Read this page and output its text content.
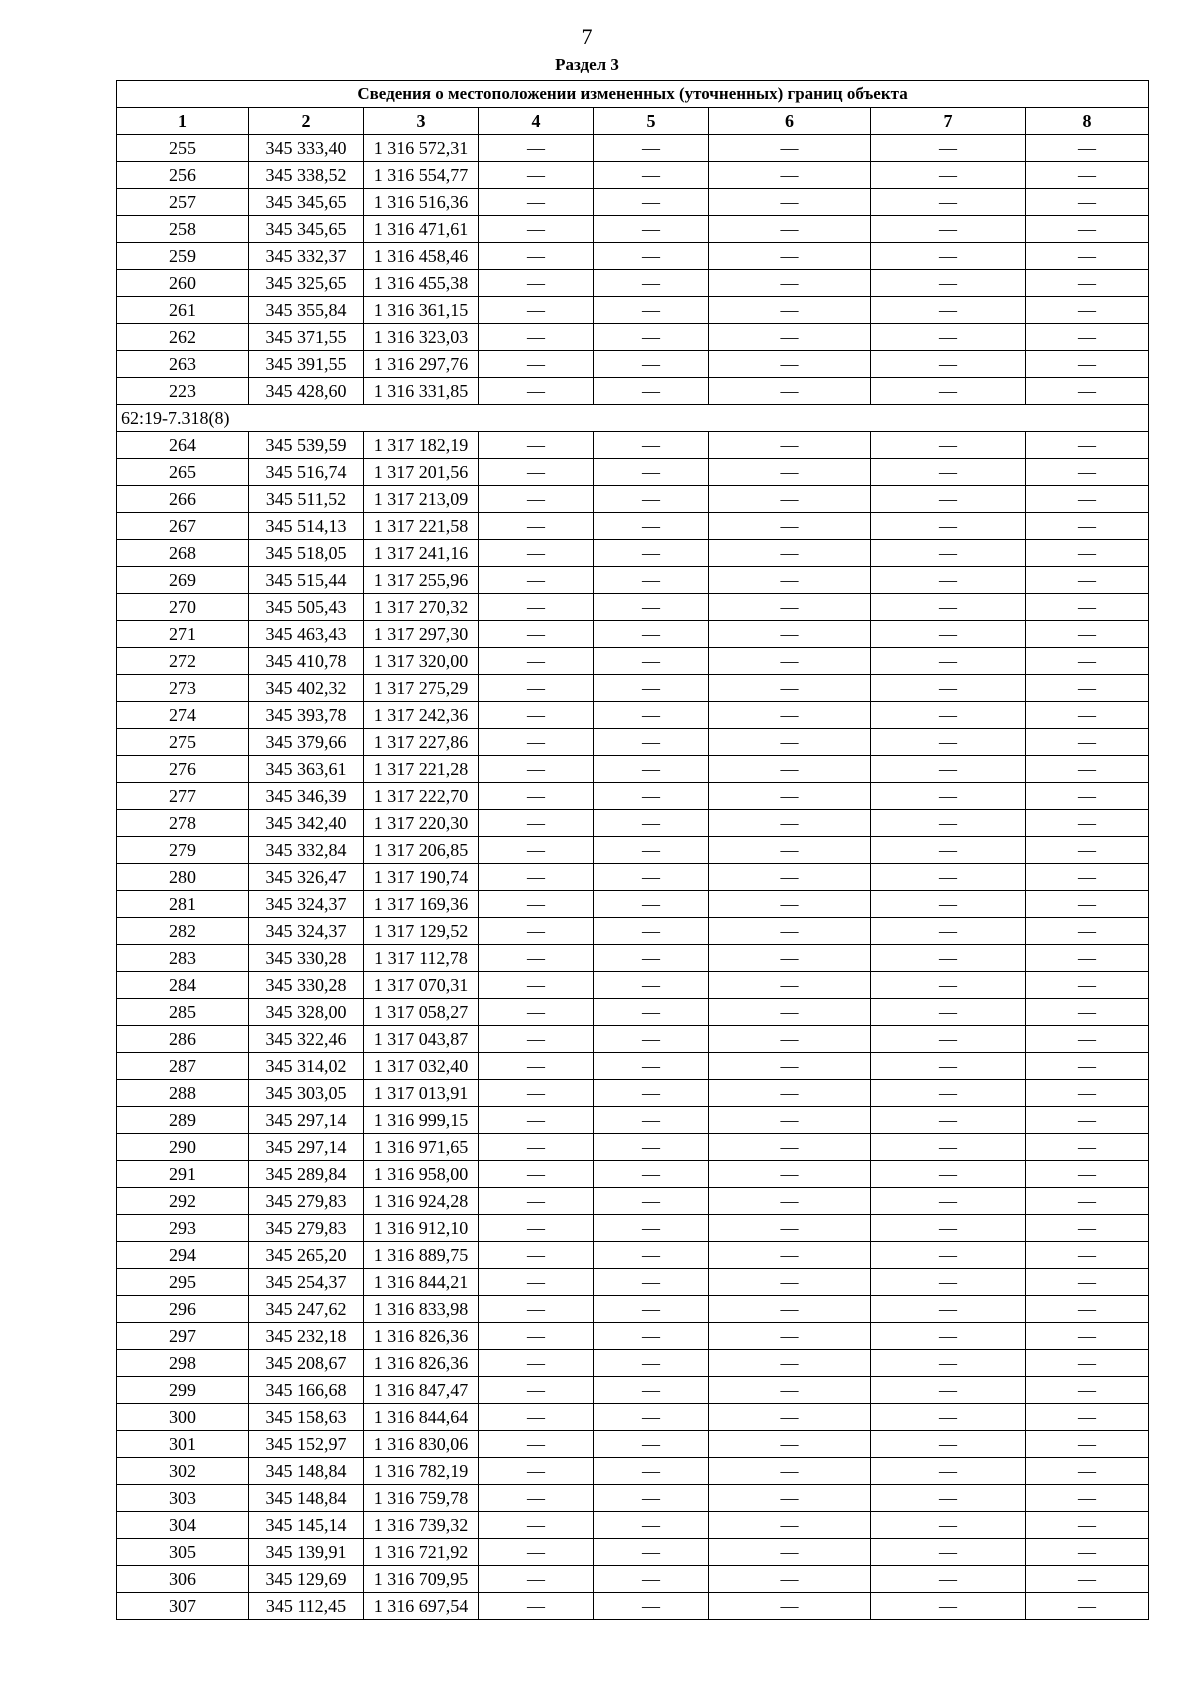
7
Раздел 3
Сведения о местоположении измененных (уточненных) границ объекта							
1	2	3	4	5	6	7	8
255	345 333,40	1 316 572,31	—	—	—	—	—
256	345 338,52	1 316 554,77	—	—	—	—	—
257	345 345,65	1 316 516,36	—	—	—	—	—
258	345 345,65	1 316 471,61	—	—	—	—	—
259	345 332,37	1 316 458,46	—	—	—	—	—
260	345 325,65	1 316 455,38	—	—	—	—	—
261	345 355,84	1 316 361,15	—	—	—	—	—
262	345 371,55	1 316 323,03	—	—	—	—	—
263	345 391,55	1 316 297,76	—	—	—	—	—
223	345 428,60	1 316 331,85	—	—	—	—	—
62:19-7.318(8)							
264	345 539,59	1 317 182,19	—	—	—	—	—
265	345 516,74	1 317 201,56	—	—	—	—	—
266	345 511,52	1 317 213,09	—	—	—	—	—
267	345 514,13	1 317 221,58	—	—	—	—	—
268	345 518,05	1 317 241,16	—	—	—	—	—
269	345 515,44	1 317 255,96	—	—	—	—	—
270	345 505,43	1 317 270,32	—	—	—	—	—
271	345 463,43	1 317 297,30	—	—	—	—	—
272	345 410,78	1 317 320,00	—	—	—	—	—
273	345 402,32	1 317 275,29	—	—	—	—	—
274	345 393,78	1 317 242,36	—	—	—	—	—
275	345 379,66	1 317 227,86	—	—	—	—	—
276	345 363,61	1 317 221,28	—	—	—	—	—
277	345 346,39	1 317 222,70	—	—	—	—	—
278	345 342,40	1 317 220,30	—	—	—	—	—
279	345 332,84	1 317 206,85	—	—	—	—	—
280	345 326,47	1 317 190,74	—	—	—	—	—
281	345 324,37	1 317 169,36	—	—	—	—	—
282	345 324,37	1 317 129,52	—	—	—	—	—
283	345 330,28	1 317 112,78	—	—	—	—	—
284	345 330,28	1 317 070,31	—	—	—	—	—
285	345 328,00	1 317 058,27	—	—	—	—	—
286	345 322,46	1 317 043,87	—	—	—	—	—
287	345 314,02	1 317 032,40	—	—	—	—	—
288	345 303,05	1 317 013,91	—	—	—	—	—
289	345 297,14	1 316 999,15	—	—	—	—	—
290	345 297,14	1 316 971,65	—	—	—	—	—
291	345 289,84	1 316 958,00	—	—	—	—	—
292	345 279,83	1 316 924,28	—	—	—	—	—
293	345 279,83	1 316 912,10	—	—	—	—	—
294	345 265,20	1 316 889,75	—	—	—	—	—
295	345 254,37	1 316 844,21	—	—	—	—	—
296	345 247,62	1 316 833,98	—	—	—	—	—
297	345 232,18	1 316 826,36	—	—	—	—	—
298	345 208,67	1 316 826,36	—	—	—	—	—
299	345 166,68	1 316 847,47	—	—	—	—	—
300	345 158,63	1 316 844,64	—	—	—	—	—
301	345 152,97	1 316 830,06	—	—	—	—	—
302	345 148,84	1 316 782,19	—	—	—	—	—
303	345 148,84	1 316 759,78	—	—	—	—	—
304	345 145,14	1 316 739,32	—	—	—	—	—
305	345 139,91	1 316 721,92	—	—	—	—	—
306	345 129,69	1 316 709,95	—	—	—	—	—
307	345 112,45	1 316 697,54	—	—	—	—	—
